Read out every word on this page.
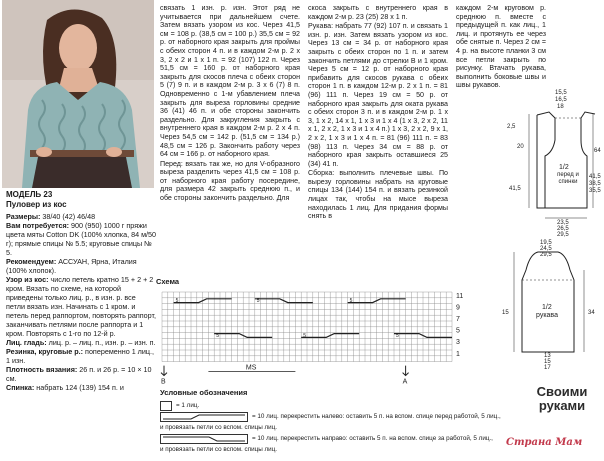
МОДЕЛЬ 23
Пуловер из кос

Размеры: 38/40 (42) 46/48

Вам потребуется: 900 (950) 1000 г пряжи цвета мяты Cotton DK (100% хлопка, 84 м/50 г); прямые спицы № 5.5; круговые спицы № 5.

Рекомендуем: АССУАН, Ярна, Италия (100% хлопок).

Узор из кос: число петель кратно 15 + 2 + 2 кром. Вязать по схеме, на которой приведены только лиц. р., в изн. р. все петли вязать изн. Начинать с 1 кром. и петель перед раппортом, повторять раппорт, заканчивать петлями после раппорта и 1 кром. Повторять с 1-го по 12-й р.

Лиц. гладь: лиц. р. – лиц. п., изн. р. – изн. п.

Резинка, круговые р.: попеременно 1 лиц., 1 изн.

Плотность вязания: 26 п. и 26 р. = 10 × 10 см.

Спинка: набрать 124 (139) 154 п. и

связать 1 изн. р. изн. Этот ряд не учитывается при дальнейшем счете. Затем вязать узором из кос. Через 41,5 см = 108 р. (38,5 см = 100 р.) 35,5 см = 92 р. от наборного края закрыть для проймы с обеих сторон 4 п. и в каждом 2-м р. 2 х 3, 2 х 2 и 1 х 1 п. = 92 (107) 122 п. Через 51,5 см = 160 р. от наборного края закрыть для скосов плеча с обеих сторон 5 (7) 9 п. и в каждом 2-м р. 3 х 6 (7) 8 п. Одновременно с 1-м убавлением плеча закрыть для выреза горловины средние 36 (41) 46 п. и обе стороны закончить раздельно. Для закругления закрыть с внутреннего края в каждом 2-м р. 2 х 4 п. Через 54,5 см = 142 р. (51,5 см = 134 р.) 48,5 см = 126 р. Закончить работу через 64 см = 166 р. от наборного края.

Перед: вязать так же, но для V-образного выреза разделить через 41,5 см = 108 р. от наборного края работу посередине, для размера 42 закрыть среднюю п., и обе стороны закончить раздельно. Для

скоса закрыть с внутреннего края в каждом 2-м р. 23 (25) 28 х 1 п.

Рукава: набрать 77 (92) 107 п. и связать 1 изн. р. изн. Затем вязать узором из кос. Через 13 см = 34 р. от наборного края закрыть с обеих сторон по 1 п. и затем закончить петлями до стрелки В и 1 кром. Через 5 см = 12 р. от наборного края прибавить для скосов рукава с обеих сторон 1 п. в каждом 12-м р. 2 х 1 п. = 81 (96) 111 п. Через 19 см = 50 р. от наборного края закрыть для оката рукава с обеих сторон 3 п. и в каждом 2-м р. 1 х 3, 1 х 2, 14 х 1, 1 х 3 и 1 х 4 (1 х 3, 2 х 2, 11 х 1, 2 х 2, 1 х 3 и 1 х 4 п.) 1 х 3, 2 х 2, 9 х 1, 2 х 2, 1 х 3 и 1 х 4 п. = 81 (96) 111 п. = 83 (98) 113 п. Через 34 см = 88 р. от наборного края закрыть оставшиеся 25 (34) 41 п.

Сборка: выполнить плечевые швы. По вырезу горловины набрать на круговые спицы 134 (144) 154 п. и вязать резинкой лицах так, чтобы на мысе выреза находилась 1 лиц. Для придания формы снять в

каждом 2-м круговом р. среднюю п. вместе с предыдущей п. как лиц., 1 лиц. и протянуть ее через обе снятые п. Через 2 см = 4 р. на высоте планки 3 см все петли закрыть по рисунку. Втачать рукава, выполнить боковые швы и швы рукавов.

15,5
16,5
18
2,5
20
41,5
1/2
перед и спинки
64
41,5 38,5 35,5
23,5
26,5
29,5
19,5
24,5
29,5
15	34
1/2
рукава
13
15
17
Схема
5	5	5
5	5	5
11
9
7
5
3
1
МS
В	А
Условные обозначения
= 1 лиц.
= 10 лиц. перекрестить налево: оставить 5 п. на вспом. спице перед работой, 5 лиц.,
и провязать петли со вспом. спицы лиц.
= 10 лиц. перекрестить направо: оставить 5 п. на вспом. спице за работой, 5 лиц.,
и провязать петли со вспом. спицы лиц.
Своими
руками
Страна Мам
